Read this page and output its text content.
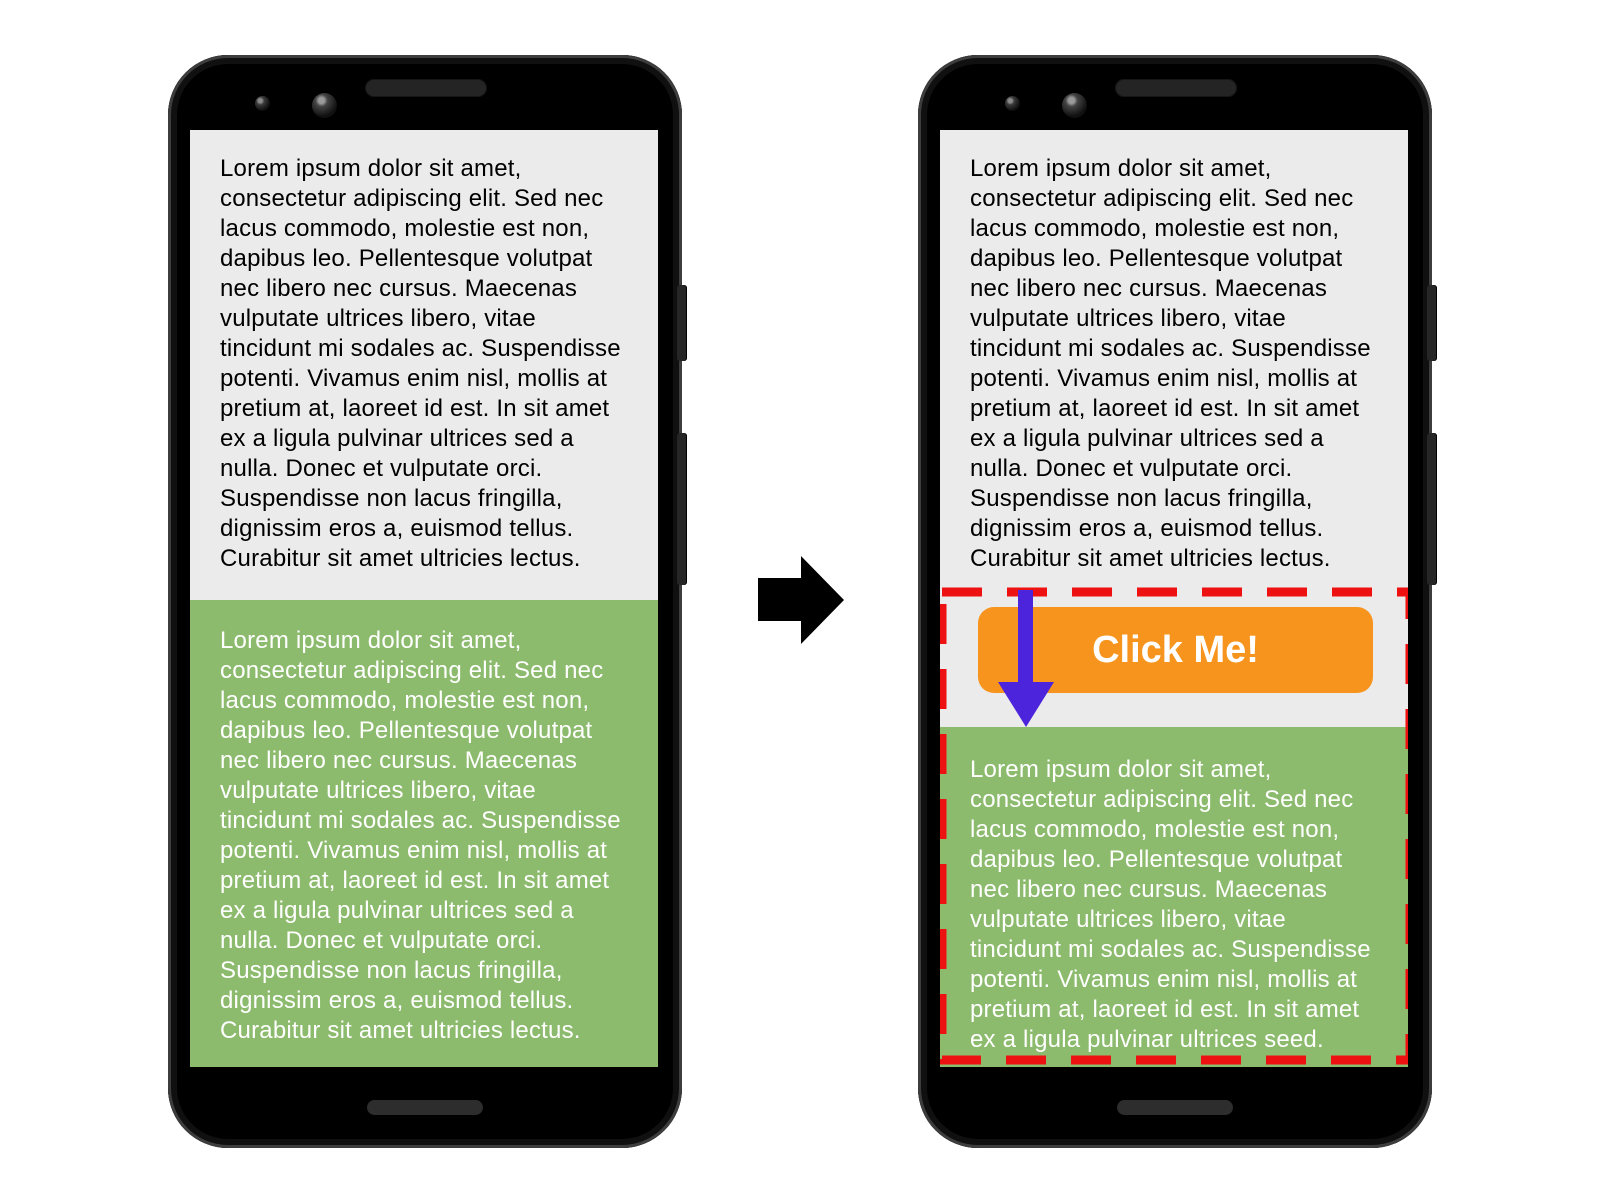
Lorem ipsum dolor sit amet,
consectetur adipiscing elit. Sed nec
lacus commodo, molestie est non,
dapibus leo. Pellentesque volutpat
nec libero nec cursus. Maecenas
vulputate ultrices libero, vitae
tincidunt mi sodales ac. Suspendisse
potenti. Vivamus enim nisl, mollis at
pretium at, laoreet id est. In sit amet
ex a ligula pulvinar ultrices sed a
nulla. Donec et vulputate orci.
Suspendisse non lacus fringilla,
dignissim eros a, euismod tellus.
Curabitur sit amet ultricies lectus.
Lorem ipsum dolor sit amet,
consectetur adipiscing elit. Sed nec
lacus commodo, molestie est non,
dapibus leo. Pellentesque volutpat
nec libero nec cursus. Maecenas
vulputate ultrices libero, vitae
tincidunt mi sodales ac. Suspendisse
potenti. Vivamus enim nisl, mollis at
pretium at, laoreet id est. In sit amet
ex a ligula pulvinar ultrices sed a
nulla. Donec et vulputate orci.
Suspendisse non lacus fringilla,
dignissim eros a, euismod tellus.
Curabitur sit amet ultricies lectus.
Lorem ipsum dolor sit amet,
consectetur adipiscing elit. Sed nec
lacus commodo, molestie est non,
dapibus leo. Pellentesque volutpat
nec libero nec cursus. Maecenas
vulputate ultrices libero, vitae
tincidunt mi sodales ac. Suspendisse
potenti. Vivamus enim nisl, mollis at
pretium at, laoreet id est. In sit amet
ex a ligula pulvinar ultrices sed a
nulla. Donec et vulputate orci.
Suspendisse non lacus fringilla,
dignissim eros a, euismod tellus.
Curabitur sit amet ultricies lectus.
Lorem ipsum dolor sit amet,
consectetur adipiscing elit. Sed nec
lacus commodo, molestie est non,
dapibus leo. Pellentesque volutpat
nec libero nec cursus. Maecenas
vulputate ultrices libero, vitae
tincidunt mi sodales ac. Suspendisse
potenti. Vivamus enim nisl, mollis at
pretium at, laoreet id est. In sit amet
ex a ligula pulvinar ultrices seed.
Click Me!
